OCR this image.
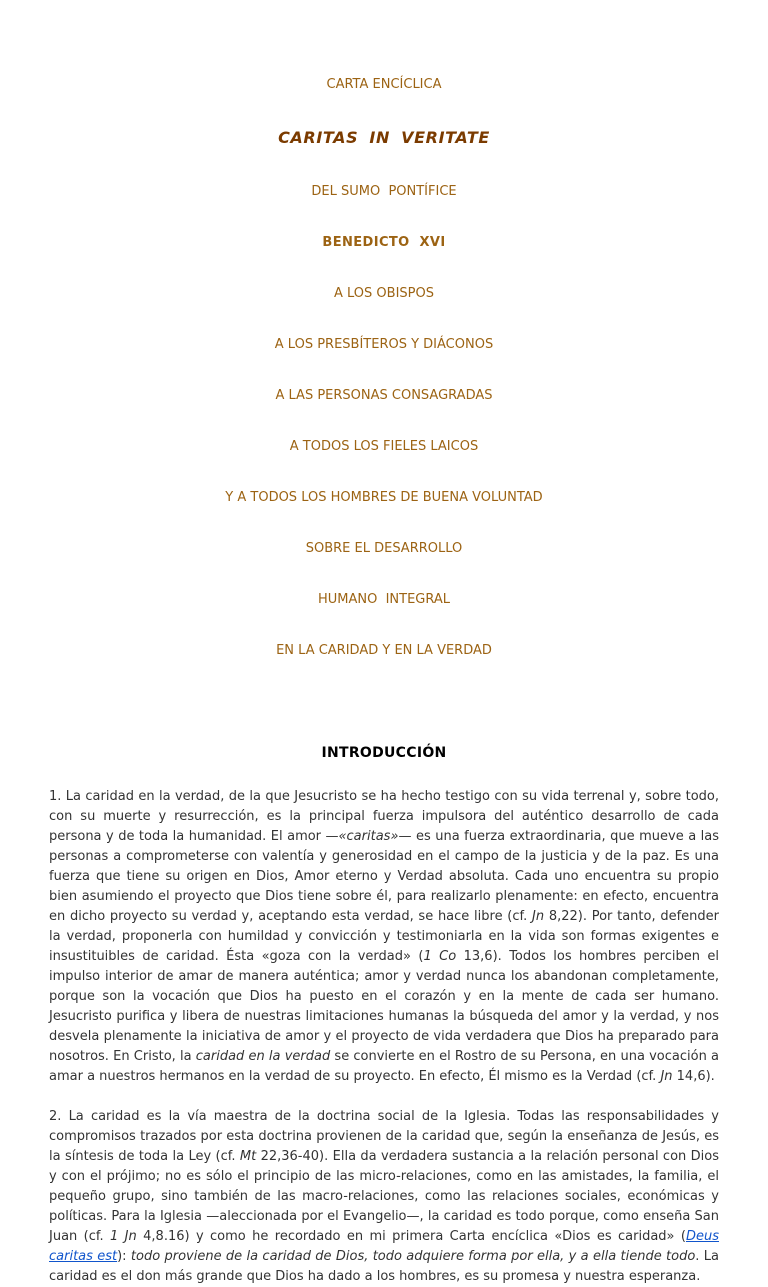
CARTA ENCÍCLICA

CARITAS IN VERITATE

DEL SUMO  PONTÍFICE

BENEDICTO  XVI

A LOS OBISPOS

A LOS PRESBÍTEROS Y DIÁCONOS

A LAS PERSONAS CONSAGRADAS

A TODOS LOS FIELES LAICOS

Y A TODOS LOS HOMBRES DE BUENA VOLUNTAD

SOBRE EL DESARROLLO

HUMANO  INTEGRAL

EN LA CARIDAD Y EN LA VERDAD

INTRODUCCIÓN

1. La caridad en la verdad, de la que Jesucristo se ha hecho testigo con su vida terrenal y, sobre todo, con su muerte y resurrección, es la principal fuerza impulsora del auténtico desarrollo de cada persona y de toda la humanidad. El amor —«caritas»— es una fuerza extraordinaria, que mueve a las personas a comprometerse con valentía y generosidad en el campo de la justicia y de la paz. Es una fuerza que tiene su origen en Dios, Amor eterno y Verdad absoluta. Cada uno encuentra su propio bien asumiendo el proyecto que Dios tiene sobre él, para realizarlo plenamente: en efecto, encuentra en dicho proyecto su verdad y, aceptando esta verdad, se hace libre (cf. Jn 8,22). Por tanto, defender la verdad, proponerla con humildad y convicción y testimoniarla en la vida son formas exigentes e insustituibles de caridad. Ésta «goza con la verdad» (1 Co 13,6). Todos los hombres perciben el impulso interior de amar de manera auténtica; amor y verdad nunca los abandonan completamente, porque son la vocación que Dios ha puesto en el corazón y en la mente de cada ser humano. Jesucristo purifica y libera de nuestras limitaciones humanas la búsqueda del amor y la verdad, y nos desvela plenamente la iniciativa de amor y el proyecto de vida verdadera que Dios ha preparado para nosotros. En Cristo, la caridad en la verdad se convierte en el Rostro de su Persona, en una vocación a amar a nuestros hermanos en la verdad de su proyecto. En efecto, Él mismo es la Verdad (cf. Jn 14,6).

2. La caridad es la vía maestra de la doctrina social de la Iglesia. Todas las responsabilidades y compromisos trazados por esta doctrina provienen de la caridad que, según la enseñanza de Jesús, es la síntesis de toda la Ley (cf. Mt 22,36-40). Ella da verdadera sustancia a la relación personal con Dios y con el prójimo; no es sólo el principio de las micro-relaciones, como en las amistades, la familia, el pequeño grupo, sino también de las macro-relaciones, como las relaciones sociales, económicas y políticas. Para la Iglesia —aleccionada por el Evangelio—, la caridad es todo porque, como enseña San Juan (cf. 1 Jn 4,8.16) y como he recordado en mi primera Carta encíclica «Dios es caridad» (Deus caritas est): todo proviene de la caridad de Dios, todo adquiere forma por ella, y a ella tiende todo. La caridad es el don más grande que Dios ha dado a los hombres, es su promesa y nuestra esperanza.
